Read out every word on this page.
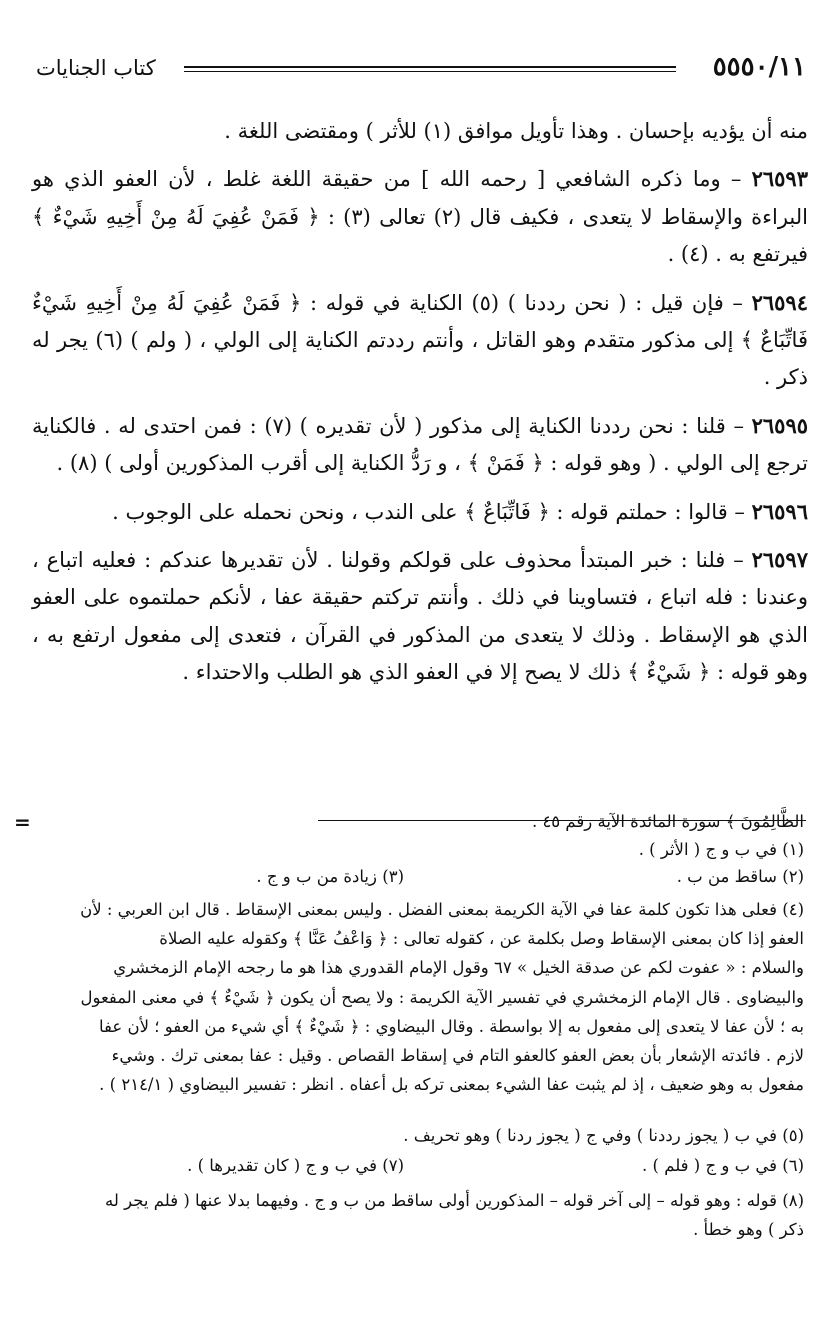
٥٥٥٠/١١
كتاب الجنايات

منه أن يؤديه بإحسان . وهذا تأويل موافق (١) للأثر ) ومقتضى اللغة .

٢٦٥٩٣ – وما ذكره الشافعي [ رحمه الله ] من حقيقة اللغة غلط ، لأن العفو الذي هو البراءة والإسقاط لا يتعدى ، فكيف قال (٢) تعالى (٣) : ﴿ فَمَنْ عُفِيَ لَهُ مِنْ أَخِيهِ شَيْءٌ ﴾ فيرتفع به . (٤) .

٢٦٥٩٤ – فإن قيل : ( نحن رددنا ) (٥) الكناية في قوله : ﴿ فَمَنْ عُفِيَ لَهُ مِنْ أَخِيهِ شَيْءٌ فَاتِّبَاعٌ ﴾ إلى مذكور متقدم وهو القاتل ، وأنتم رددتم الكناية إلى الولي ، ( ولم ) (٦) يجر له ذكر .

٢٦٥٩٥ – قلنا : نحن رددنا الكناية إلى مذكور ( لأن تقديره ) (٧) : فمن احتدى له . فالكناية ترجع إلى الولي . ( وهو قوله : ﴿ فَمَنْ ﴾ ، و رَدُّ الكناية إلى أقرب المذكورين أولى ) (٨) .

٢٦٥٩٦ – قالوا : حملتم قوله : ﴿ فَاتِّبَاعٌ ﴾ على الندب ، ونحن نحمله على الوجوب .

٢٦٥٩٧ – فلنا : خبر المبتدأ محذوف على قولكم وقولنا . لأن تقديرها عندكم : فعليه اتباع ، وعندنا : فله اتباع ، فتساوينا في ذلك . وأنتم تركتم حقيقة عفا ، لأنكم حملتموه على العفو الذي هو الإسقاط . وذلك لا يتعدى من المذكور في القرآن ، فتعدى إلى مفعول ارتفع به ، وهو قوله : ﴿ شَيْءٌ ﴾ ذلك لا يصح إلا في العفو الذي هو الطلب والاحتداء .

=	الظَّالِمُونَ ﴾ سورة المائدة الآية رقم ٤٥ .
(١) في ب و ج ( الأثر ) .
(٢) ساقط من ب .
(٣) زيادة من ب و ج .
(٤) فعلى هذا تكون كلمة عفا في الآية الكريمة بمعنى الفضل . وليس بمعنى الإسقاط . قال ابن العربي : لأن
العفو إذا كان بمعنى الإسقاط وصل بكلمة عن ، كقوله تعالى : ﴿ وَاعْفُ عَنَّا ﴾ وكقوله عليه الصلاة
والسلام : « عفوت لكم عن صدقة الخيل » ٦٧ وقول الإمام القدوري هذا هو ما رجحه الإمام الزمخشري
والبيضاوى . قال الإمام الزمخشري في تفسير الآية الكريمة : ولا يصح أن يكون ﴿ شَيْءٌ ﴾ في معنى المفعول
به ؛ لأن عفا لا يتعدى إلى مفعول به إلا بواسطة . وقال البيضاوي : ﴿ شَيْءٌ ﴾ أي شيء من العفو ؛ لأن عفا
لازم . فائدته الإشعار بأن بعض العفو كالعفو التام في إسقاط القصاص . وقيل : عفا بمعنى ترك . وشيء
مفعول به وهو ضعيف ، إذ لم يثبت عفا الشيء بمعنى تركه بل أعفاه . انظر : تفسير البيضاوي ( ٢١٤/١ ) .
(٥) في ب ( يجوز رددنا ) وفي ج ( يجوز ردنا ) وهو تحريف .
(٦) في ب و ج ( فلم ) .
(٧) في ب و ج ( كان تقديرها ) .
(٨) قوله : وهو قوله – إلى آخر قوله – المذكورين أولى ساقط من ب و ج . وفيهما بدلا عنها ( فلم يجر له
ذكر ) وهو خطأ .
